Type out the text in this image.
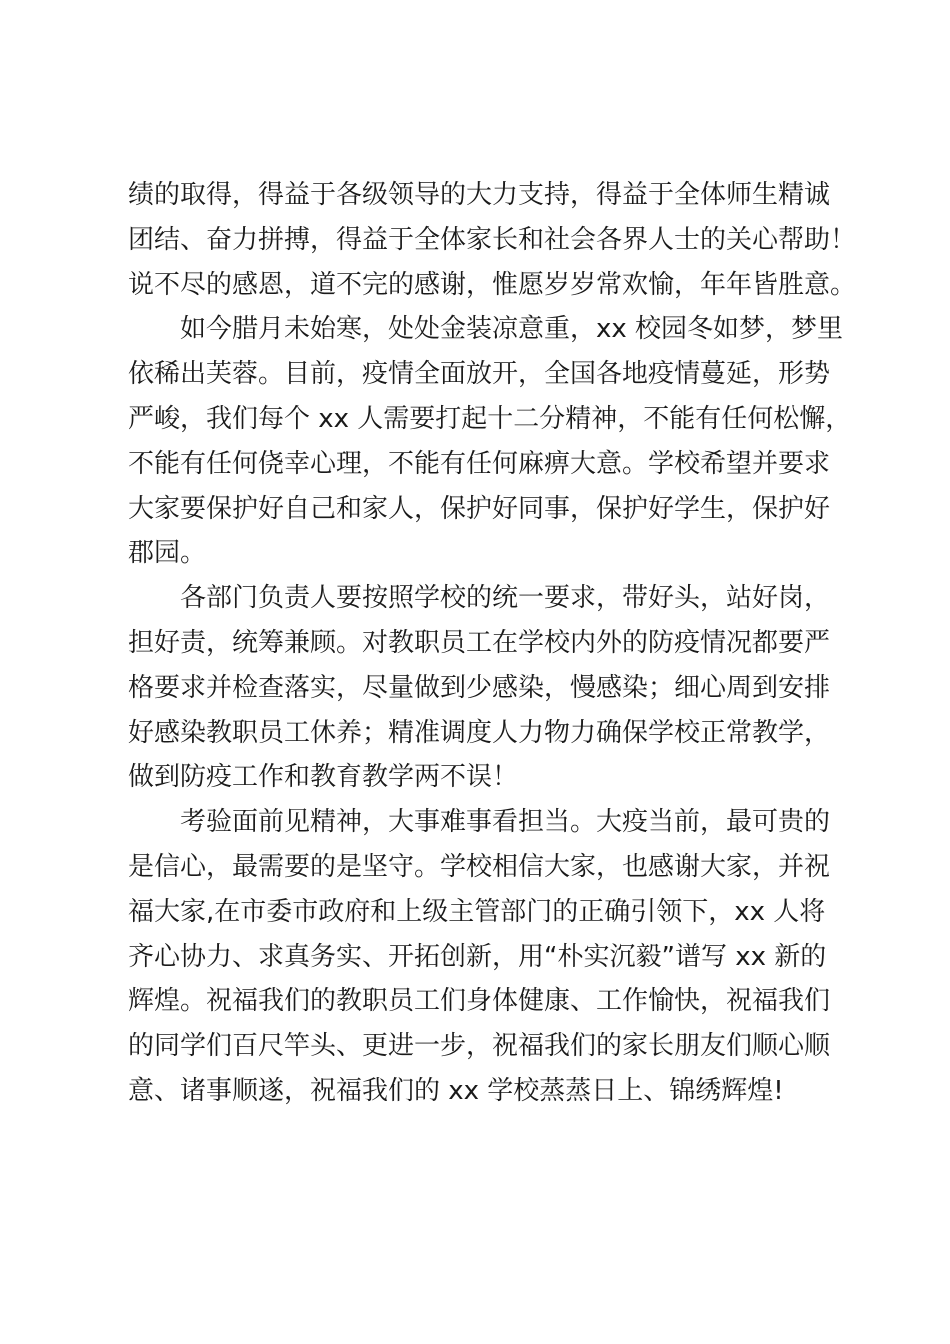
绩的取得，得益于各级领导的大力支持，得益于全体师生精诚
团结、奋力拼搏，得益于全体家长和社会各界人士的关心帮助！
说不尽的感恩，道不完的感谢，惟愿岁岁常欢愉，年年皆胜意。

如今腊月未始寒，处处金装凉意重，xx 校园冬如梦，梦里
依稀出芙蓉。目前，疫情全面放开，全国各地疫情蔓延，形势
严峻，我们每个 xx 人需要打起十二分精神，不能有任何松懈，
不能有任何侥幸心理，不能有任何麻痹大意。学校希望并要求
大家要保护好自己和家人，保护好同事，保护好学生，保护好
郡园。

各部门负责人要按照学校的统一要求，带好头，站好岗，
担好责，统筹兼顾。对教职员工在学校内外的防疫情况都要严
格要求并检查落实，尽量做到少感染，慢感染；细心周到安排
好感染教职员工休养；精准调度人力物力确保学校正常教学，
做到防疫工作和教育教学两不误！

考验面前见精神，大事难事看担当。大疫当前，最可贵的
是信心，最需要的是坚守。学校相信大家，也感谢大家，并祝
福大家,在市委市政府和上级主管部门的正确引领下，xx 人将
齐心协力、求真务实、开拓创新，用“朴实沉毅”谱写 xx 新的
辉煌。祝福我们的教职员工们身体健康、工作愉快，祝福我们
的同学们百尺竿头、更进一步，祝福我们的家长朋友们顺心顺
意、诸事顺遂，祝福我们的 xx 学校蒸蒸日上、锦绣辉煌!
